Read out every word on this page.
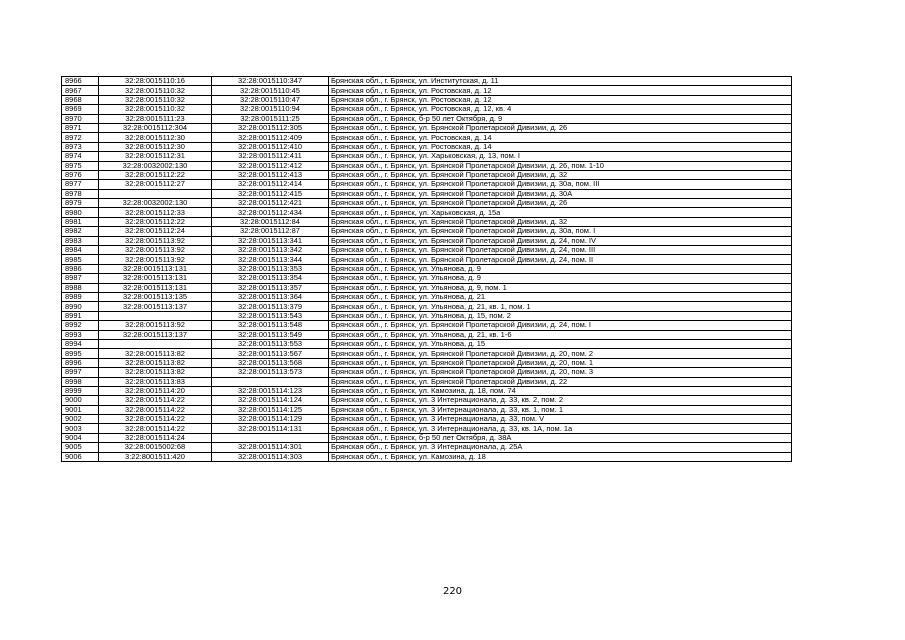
8966	32:28:0015110:16	32:28:0015110:347	Брянская обл., г. Брянск, ул. Институтская, д. 11
8967	32:28:0015110:32	32:28:0015110:45	Брянская обл., г. Брянск, ул. Ростовская, д. 12
8968	32:28:0015110:32	32:28:0015110:47	Брянская обл., г. Брянск, ул. Ростовская, д. 12
8969	32:28:0015110:32	32:28:0015110:94	Брянская обл., г. Брянск, ул. Ростовская, д. 12, кв. 4
8970	32:28:0015111:23	32:28:0015111:25	Брянская обл., г. Брянск, б-р 50 лет Октября, д. 9
8971	32:28:0015112:304	32:28:0015112:305	Брянская обл., г. Брянск, ул. Брянской Пролетарской Дивизии, д. 26
8972	32:28:0015112:30	32:28:0015112:409	Брянская обл., г. Брянск, ул. Ростовская, д. 14
8973	32:28:0015112:30	32:28:0015112:410	Брянская обл., г. Брянск, ул. Ростовская, д. 14
8974	32:28:0015112:31	32:28:0015112:411	Брянская обл., г. Брянск, ул. Харьковская, д. 13, пом. I
8975	32:28:0032002:130	32:28:0015112:412	Брянская обл., г. Брянск, ул. Брянской Пролетарской Дивизии, д. 26, пом. 1-10
8976	32:28:0015112:22	32:28:0015112:413	Брянская обл., г. Брянск, ул. Брянской Пролетарской Дивизии, д. 32
8977	32:28:0015112:27	32:28:0015112:414	Брянская обл., г. Брянск, ул. Брянской Пролетарской Дивизии, д. 30а, пом. III
8978		32:28:0015112:415	Брянская обл., г. Брянск, ул. Брянской Пролетарской Дивизии, д. 30А
8979	32:28:0032002:130	32:28:0015112:421	Брянская обл., г. Брянск, ул. Брянской Пролетарской Дивизии, д. 26
8980	32:28:0015112:33	32:28:0015112:434	Брянская обл., г. Брянск, ул. Харьковская, д. 15а
8981	32:28:0015112:22	32:28:0015112:84	Брянская обл., г. Брянск, ул. Брянской Пролетарской Дивизии, д. 32
8982	32:28:0015112:24	32:28:0015112:87	Брянская обл., г. Брянск, ул. Брянской Пролетарской Дивизии, д. 30а, пом. I
8983	32:28:0015113:92	32:28:0015113:341	Брянская обл., г. Брянск, ул. Брянской Пролетарской Дивизии, д. 24, пом. IV
8984	32:28:0015113:92	32:28:0015113:342	Брянская обл., г. Брянск, ул. Брянской Пролетарской Дивизии, д. 24, пом. III
8985	32:28:0015113:92	32:28:0015113:344	Брянская обл., г. Брянск, ул. Брянской Пролетарской Дивизии, д. 24, пом. II
8986	32:28:0015113:131	32:28:0015113:353	Брянская обл., г. Брянск, ул. Ульянова, д. 9
8987	32:28:0015113:131	32:28:0015113:354	Брянская обл., г. Брянск, ул. Ульянова, д. 9
8988	32:28:0015113:131	32:28:0015113:357	Брянская обл., г. Брянск, ул. Ульянова, д. 9, пом. 1
8989	32:28:0015113:135	32:28:0015113:364	Брянская обл., г. Брянск, ул. Ульянова, д. 21
8990	32:28:0015113:137	32:28:0015113:379	Брянская обл., г. Брянск, ул. Ульянова, д. 21, кв. 1, пом. 1
8991		32:28:0015113:543	Брянская обл., г. Брянск, ул. Ульянова, д. 15, пом. 2
8992	32:28:0015113:92	32:28:0015113:548	Брянская обл., г. Брянск, ул. Брянской Пролетарской Дивизии, д. 24, пом. I
8993	32:28:0015113:137	32:28:0015113:549	Брянская обл., г. Брянск, ул. Ульянова, д. 21, кв. 1-6
8994		32:28:0015113:553	Брянская обл., г. Брянск, ул. Ульянова, д. 15
8995	32:28:0015113:82	32:28:0015113:567	Брянская обл., г. Брянск, ул. Брянской Пролетарской Дивизии, д. 20, пом. 2
8996	32:28:0015113:82	32:28:0015113:568	Брянская обл., г. Брянск, ул. Брянской Пролетарской Дивизии, д. 20, пом. 1
8997	32:28:0015113:82	32:28:0015113:573	Брянская обл., г. Брянск, ул. Брянской Пролетарской Дивизии, д. 20, пом. 3
8998	32:28:0015113:83		Брянская обл., г. Брянск, ул. Брянской Пролетарской Дивизии, д. 22
8999	32:28:0015114:20	32:28:0015114:123	Брянская обл., г. Брянск, ул. Камозина, д. 18, пом. 74
9000	32:28:0015114:22	32:28:0015114:124	Брянская обл., г. Брянск, ул. 3 Интернационала, д. 33, кв. 2, пом. 2
9001	32:28:0015114:22	32:28:0015114:125	Брянская обл., г. Брянск, ул. 3 Интернационала, д. 33, кв. 1, пом. 1
9002	32:28:0015114:22	32:28:0015114:129	Брянская обл., г. Брянск, ул. 3 Интернационала, д. 33, пом. V
9003	32:28:0015114:22	32:28:0015114:131	Брянская обл., г. Брянск, ул. 3 Интернационала, д. 33, кв. 1А, пом. 1а
9004	32:28:0015114:24		Брянская обл., г. Брянск, б-р 50 лет Октября, д. 38А
9005	32:28:0015002:68	32:28:0015114:301	Брянская обл., г. Брянск, ул. 3 Интернационала, д. 25А
9006	3:22:8001511:420	32:28:0015114:303	Брянская обл., г. Брянск, ул. Камозина, д. 18
220
